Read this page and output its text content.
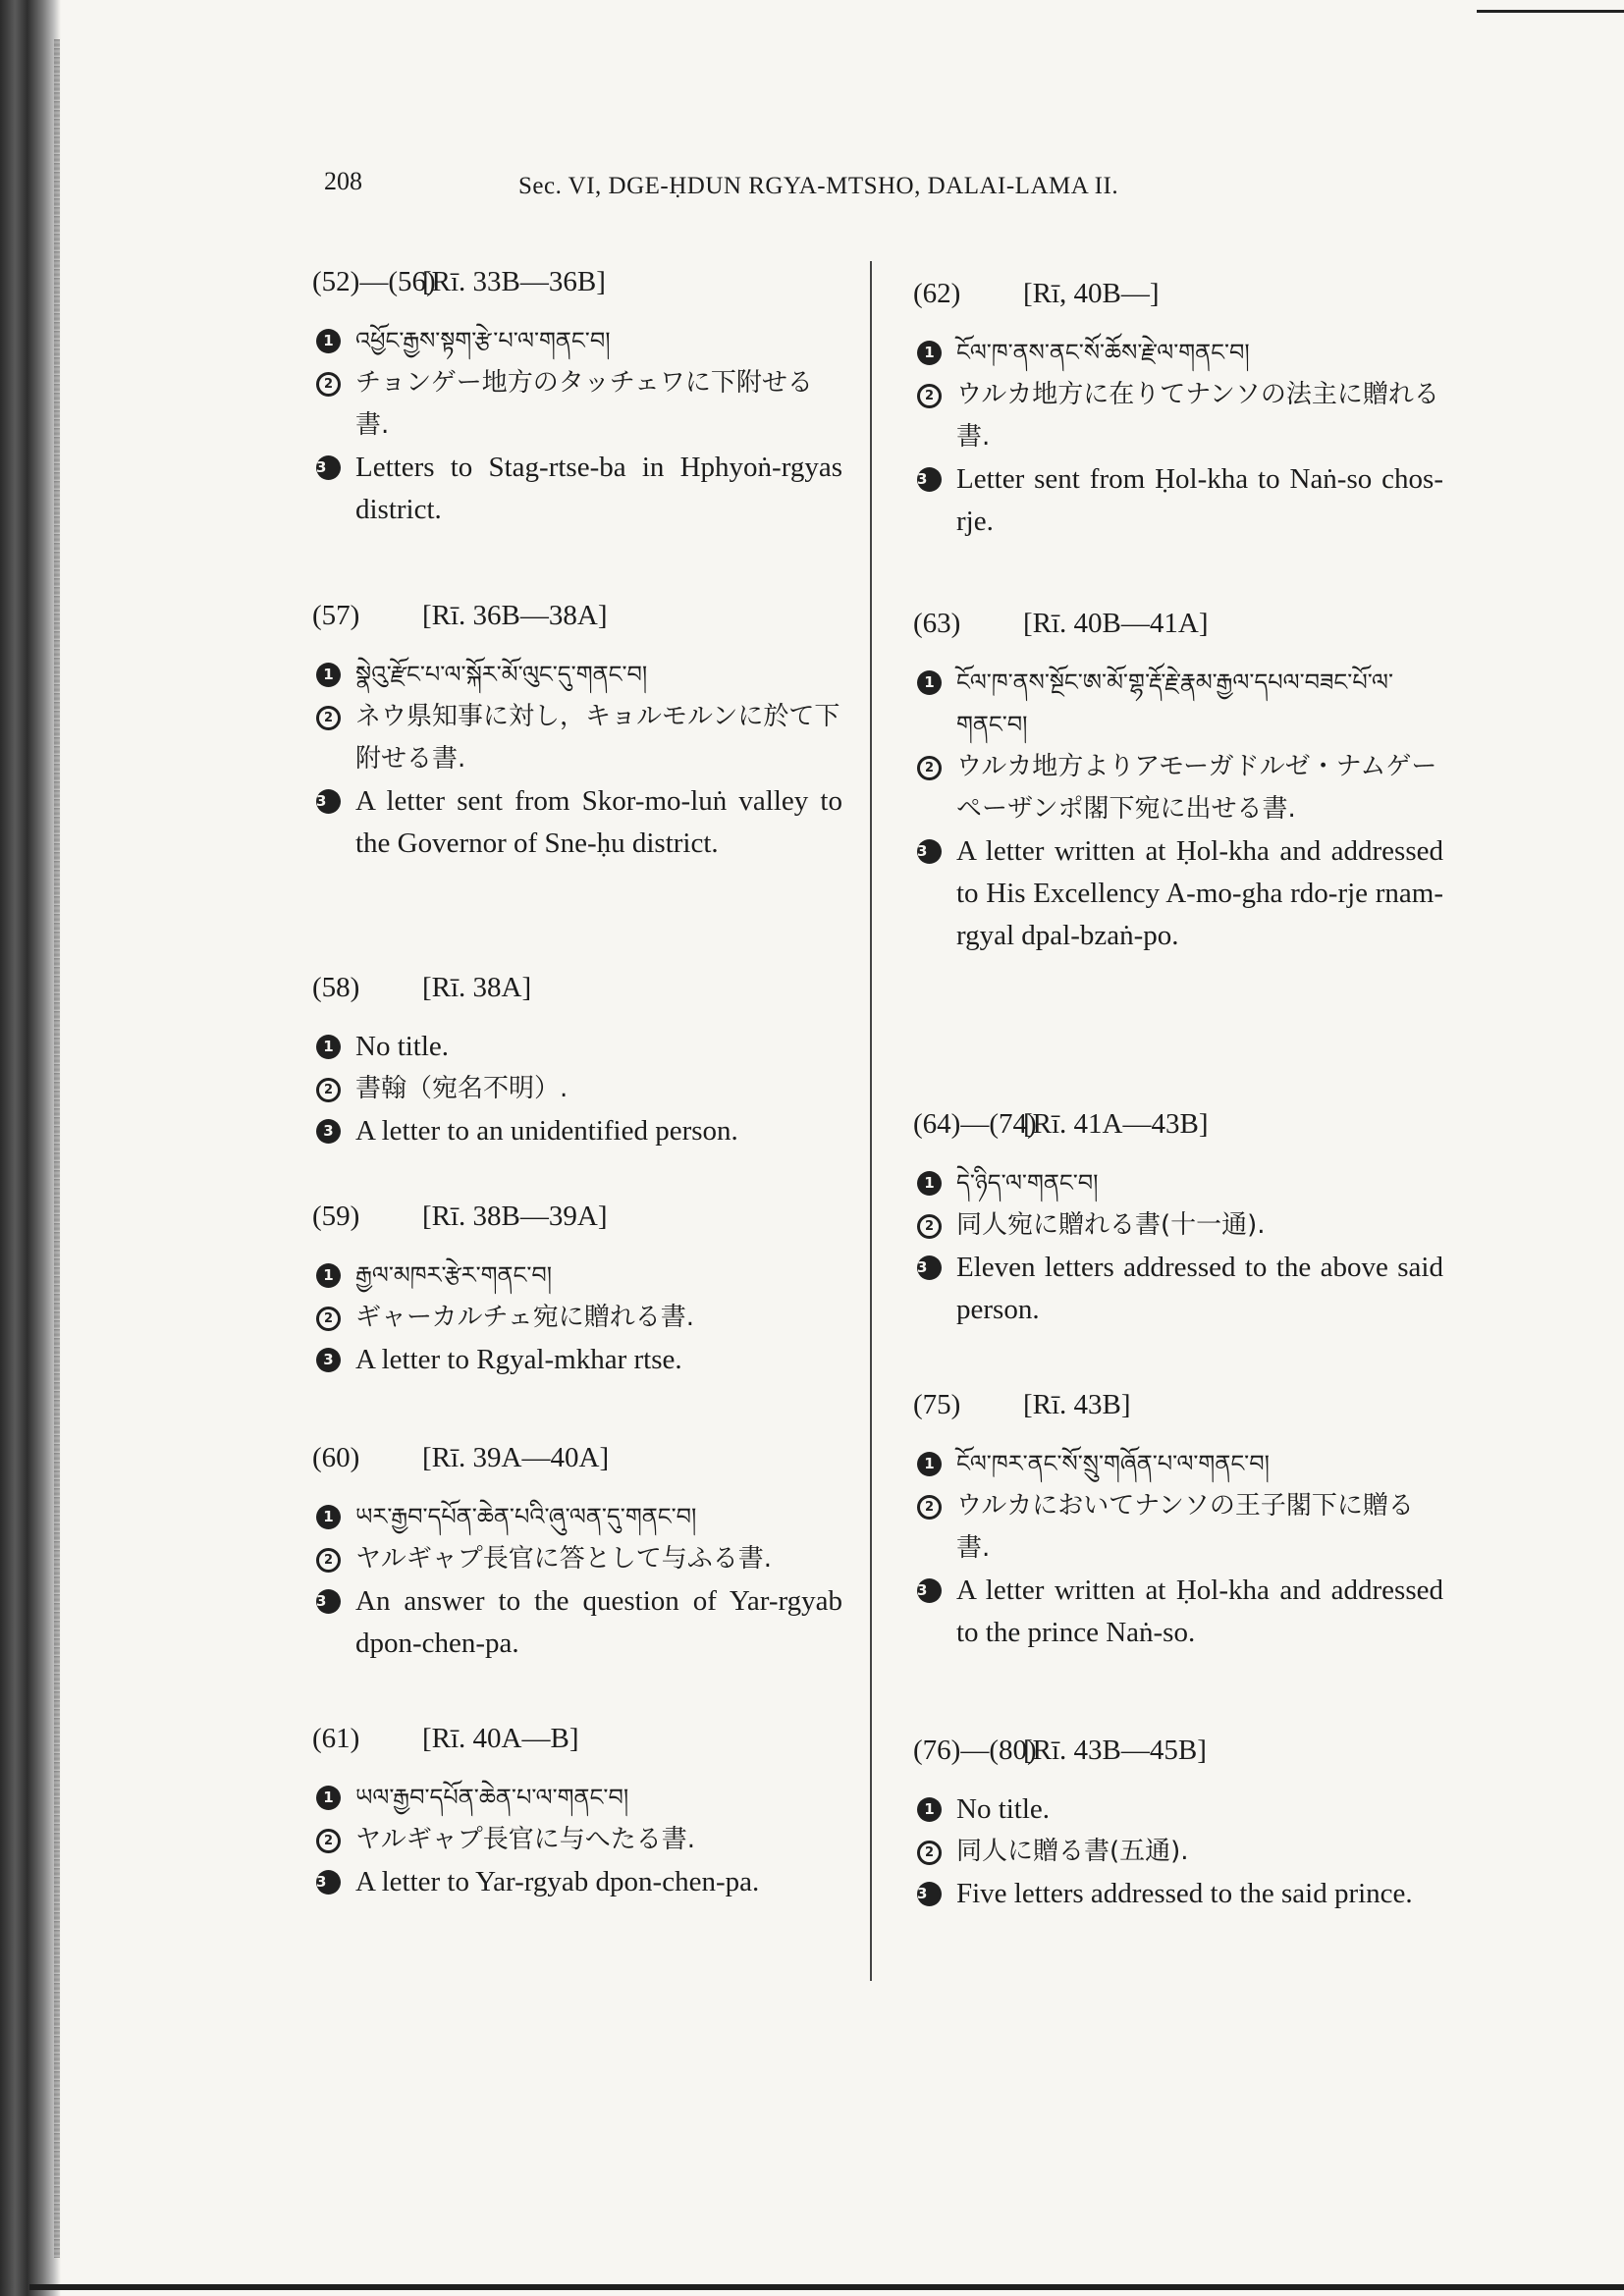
208	Sec. VI, DGE-ḤDUN RGYA-MTSHO, DALAI-LAMA II.
(52)—(56)[Rī. 33B—36B]
1 འཕྱོང་རྒྱས་སྟག་རྩེ་པ་ལ་གནང་བ།
2 チョンゲー地方のタッチェワに下附せる書.
3	Letters to Stag-rtse-ba in Hphyoṅ-rgyas district.
(57) [Rī. 36B—38A]
1 སྣེའུ་རྫོང་པ་ལ་སྐོར་མོ་ལུང་དུ་གནང་བ།
2 ネウ県知事に対し，キョルモルンに於て下附せる書.
3	A letter sent from Skor-mo-luṅ valley to the Governor of Sne-ḥu district.
(58) [Rī. 38A]
1 No title.
2 書翰（宛名不明）.
3 A letter to an unidentified person.
(59) [Rī. 38B—39A]
1 རྒྱལ་མཁར་རྩེར་གནང་བ།
2 ギャーカルチェ宛に贈れる書.
3 A letter to Rgyal-mkhar rtse.
(60) [Rī. 39A—40A]
1 ཡར་རྒྱབ་དཔོན་ཆེན་པའི་ཞུ་ལན་དུ་གནང་བ།
2 ヤルギャプ長官に答として与ふる書.
3	An answer to the question of Yar-rgyab dpon-chen-pa.
(61) [Rī. 40A—B]
1 ཡལ་རྒྱབ་དཔོན་ཆེན་པ་ལ་གནང་བ།
2 ヤルギャプ長官に与へたる書.
3	A letter to Yar-rgyab dpon-chen-pa.
(62) [Rī, 40B—]
1 ངོལ་ཁ་ནས་ནང་སོ་ཆོས་རྗེ་ལ་གནང་བ།
2 ウルカ地方に在りてナンソの法主に贈れる書.
3	Letter sent from Ḥol-kha to Naṅ-so chos-rje.
(63) [Rī. 40B—41A]
1 ངོལ་ཁ་ནས་སྔོང་ཨ་མོ་གྷ་རྡོ་རྗེ་རྣམ་རྒྱལ་དཔལ་བཟང་པོ་ལ་གནང་བ།
2 ウルカ地方よりアモーガドルゼ・ナムゲーペーザンポ閣下宛に出せる書.
3	A letter written at Ḥol-kha and addressed to His Excellency A-mo-gha rdo-rje rnam-rgyal dpal-bzaṅ-po.
(64)—(74)[Rī. 41A—43B]
1 དེ་ཉིད་ལ་གནང་བ།
2 同人宛に贈れる書(十一通).
3	Eleven letters addressed to the above said person.
(75) [Rī. 43B]
1 ངོལ་ཁར་ནང་སོ་སྲུ་གཞོན་པ་ལ་གནང་བ།
2 ウルカにおいてナンソの王子閣下に贈る書.
3	A letter written at Ḥol-kha and addressed to the prince Naṅ-so.
(76)—(80)[Rī. 43B—45B]
1 No title.
2 同人に贈る書(五通).
3	Five letters addressed to the said prince.
